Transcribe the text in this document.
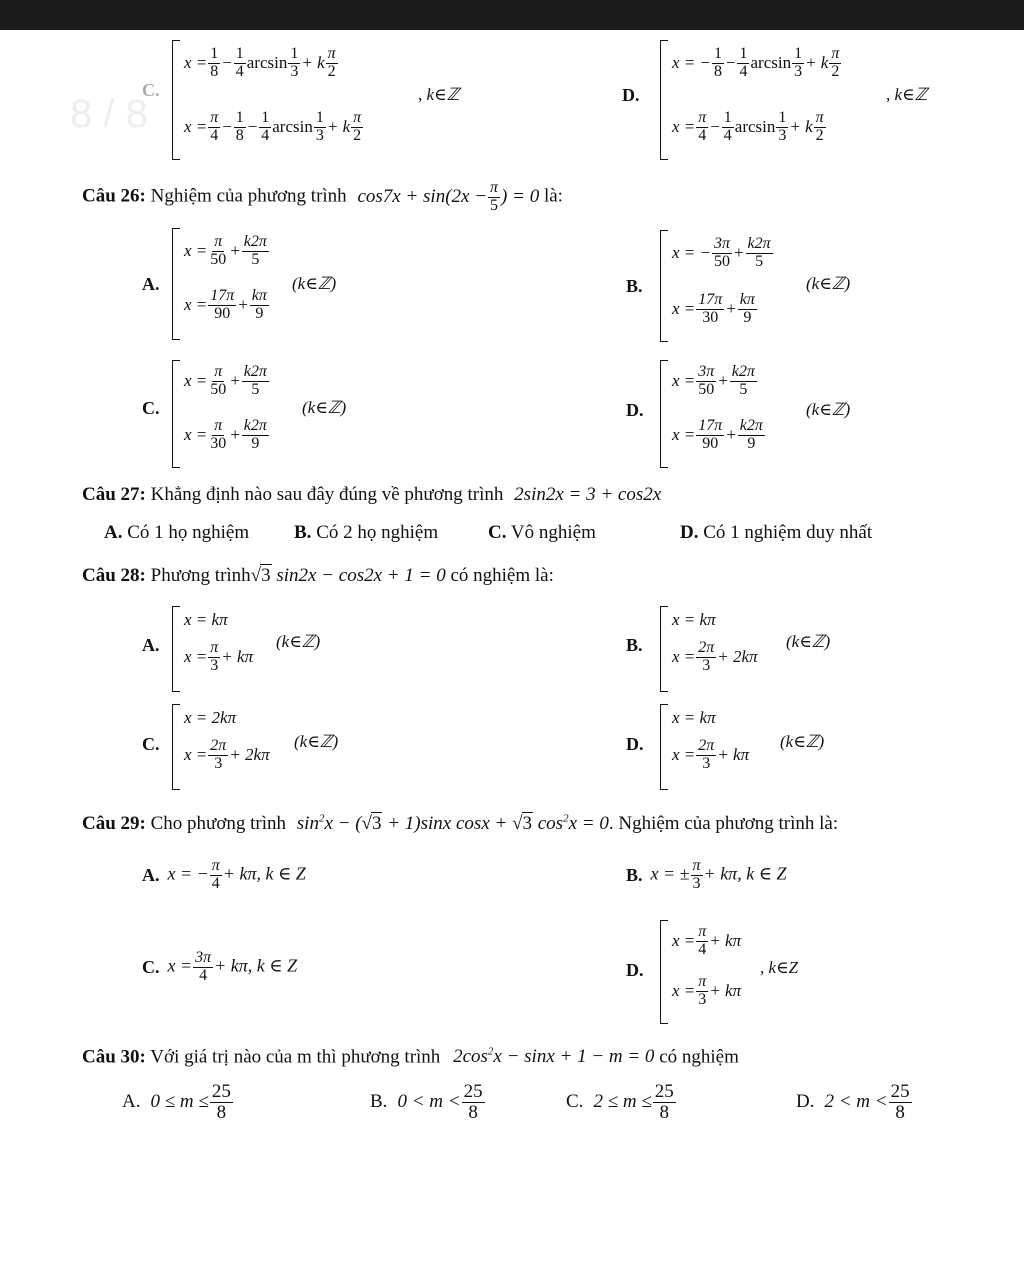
8 / 8
C.
x = 1
8 − 1
4 arcsin 1
3 + k π
2
x = π
4 − 1
8 − 1
4 arcsin 1
3 + k π
2
, k∈ℤ	D.
x = − 1
8 − 1
4 arcsin 1
3 + k π
2
x = π
4 − 1
4 arcsin 1
3 + k π
2
, k∈ℤ
Câu 26: Nghiệm của phương trình $\cos 7x + \sin(2x - \frac{\pi}{5}$ ) = 0 là:
A.
x = π
50 + k2π
5
x = 17π
90 + kπ
9
(k∈ℤ)	B.
x = − 3π
50 + k2π
5
x = 17π
30 + kπ
9
(k∈ℤ)
C.
x = π
50 + k2π
5
x = π
30 + k2π
9
(k∈ℤ)	D.
x = 3π
50 + k2π
5
x = 17π
90 + k2π
9
(k∈ℤ)
Câu 27: Khẳng định nào sau đây đúng về phương trình 2sin2x = 3 + cos2x
A. Có 1 họ nghiệm B. Có 2 họ nghiệm	C. Vô nghiệm	D. Có 1 nghiệm duy nhất
Câu 28: Phương trình√3 sin2x − cos2x + 1 = 0 có nghiệm là:
A.
x = kπ
x = π
3 + kπ
(k∈ℤ)	B.
x = kπ
x = 2π
3 + 2kπ
(k∈ℤ)
C.
x = 2kπ
x = 2π
3 + 2kπ
(k∈ℤ)	D.
x = kπ
x = 2π
3 + kπ
(k∈ℤ)
Câu 29: Cho phương trình $\sin^2x - (√3 + 1)\sin x$ cosx + √3 $\cos^2x = 0$. Nghiệm của phương trình là:
A. x = − $\frac{\pi}{4} + k\pi$, k ∈ Z	B. x = ± $\frac{\pi}{3} + k\pi$, k ∈ Z
C. $x = \frac{3\pi}{4} + k\pi$, k ∈ Z	D.
x = π
4 + kπ
x = π
3 + kπ
, k∈Z
Câu 30: Với giá trị nào của m thì phương trình $2\cos^2x - \sin x + 1 - m = 0$ có nghiệm
A. $0 \le m \le \frac{25}{8}$	B. $0 < m < \frac{25}{8}$	C. $2 \le m \le \frac{25}{8}$	D. $2 < m < \frac{25}{8}$
